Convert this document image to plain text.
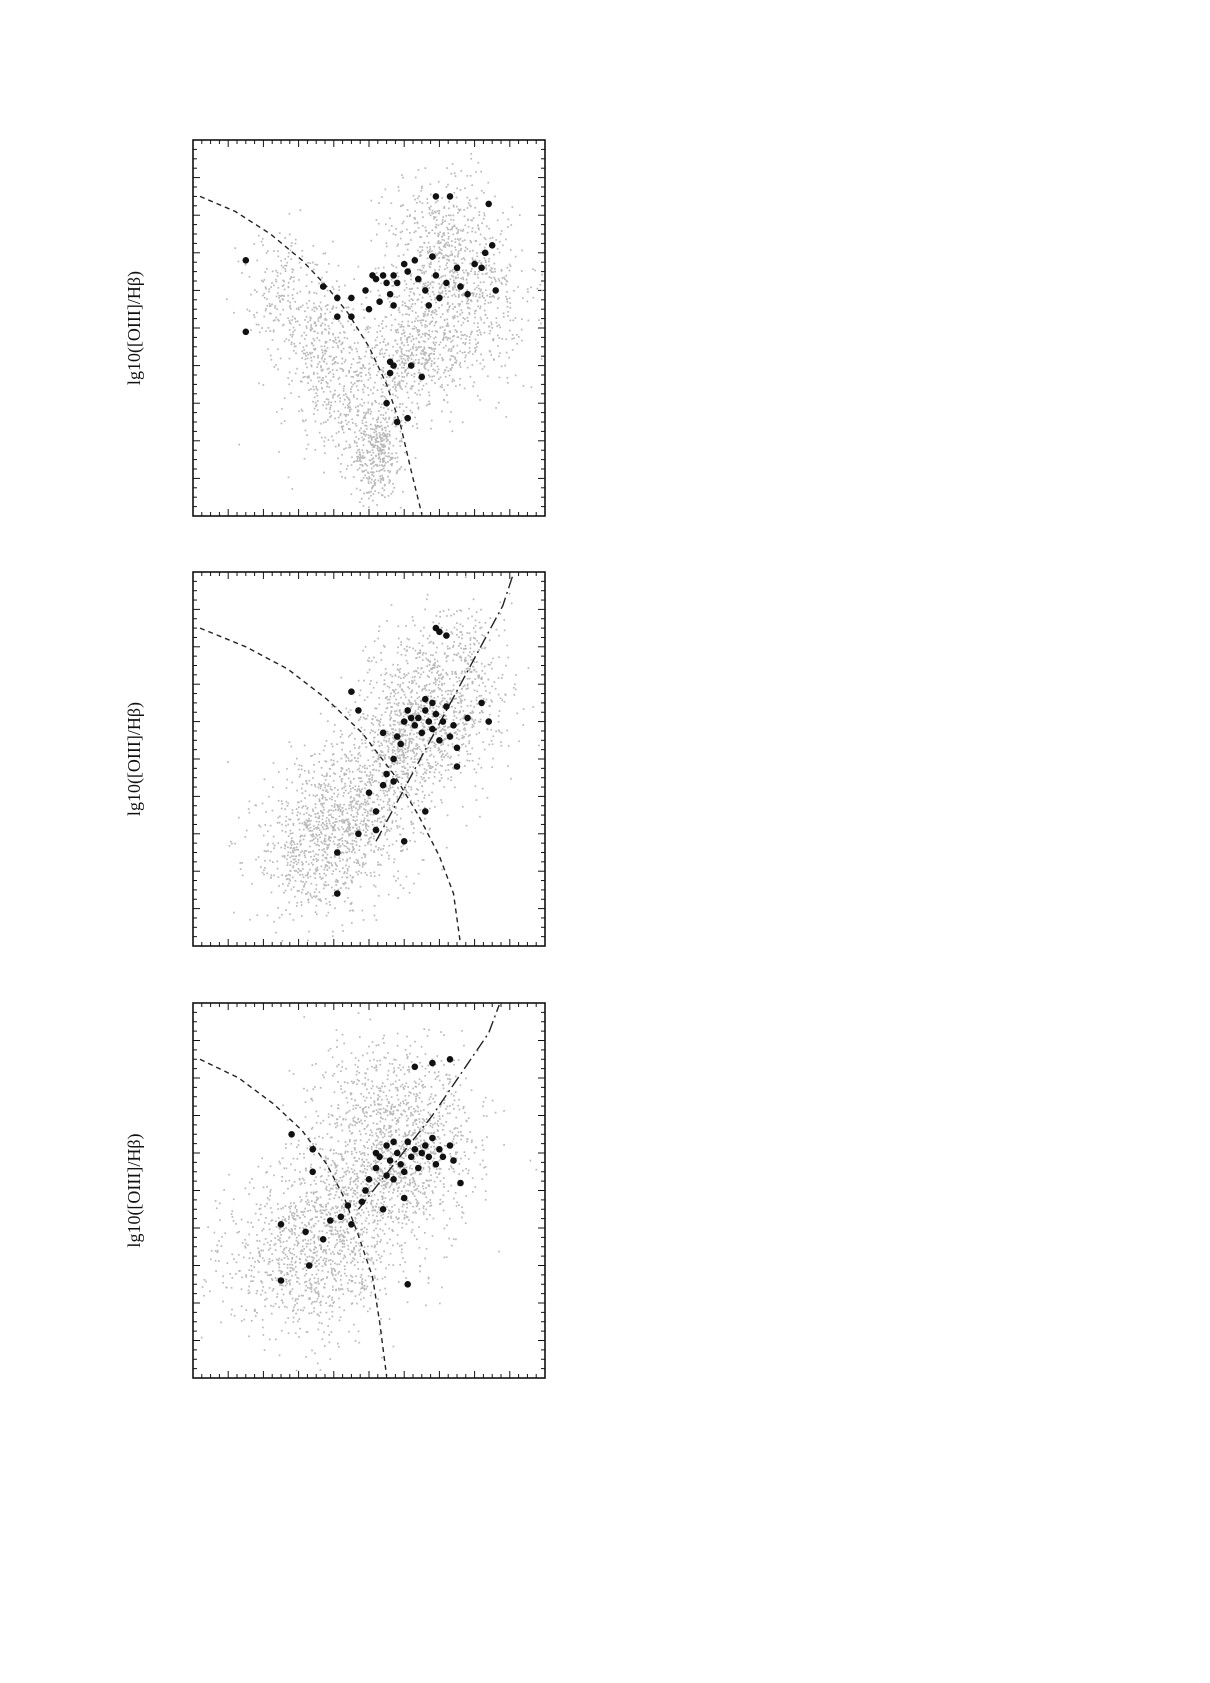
lg10([OIII]/Hβ)
lg10([OIII]/Hβ)
lg10([OIII]/Hβ)
